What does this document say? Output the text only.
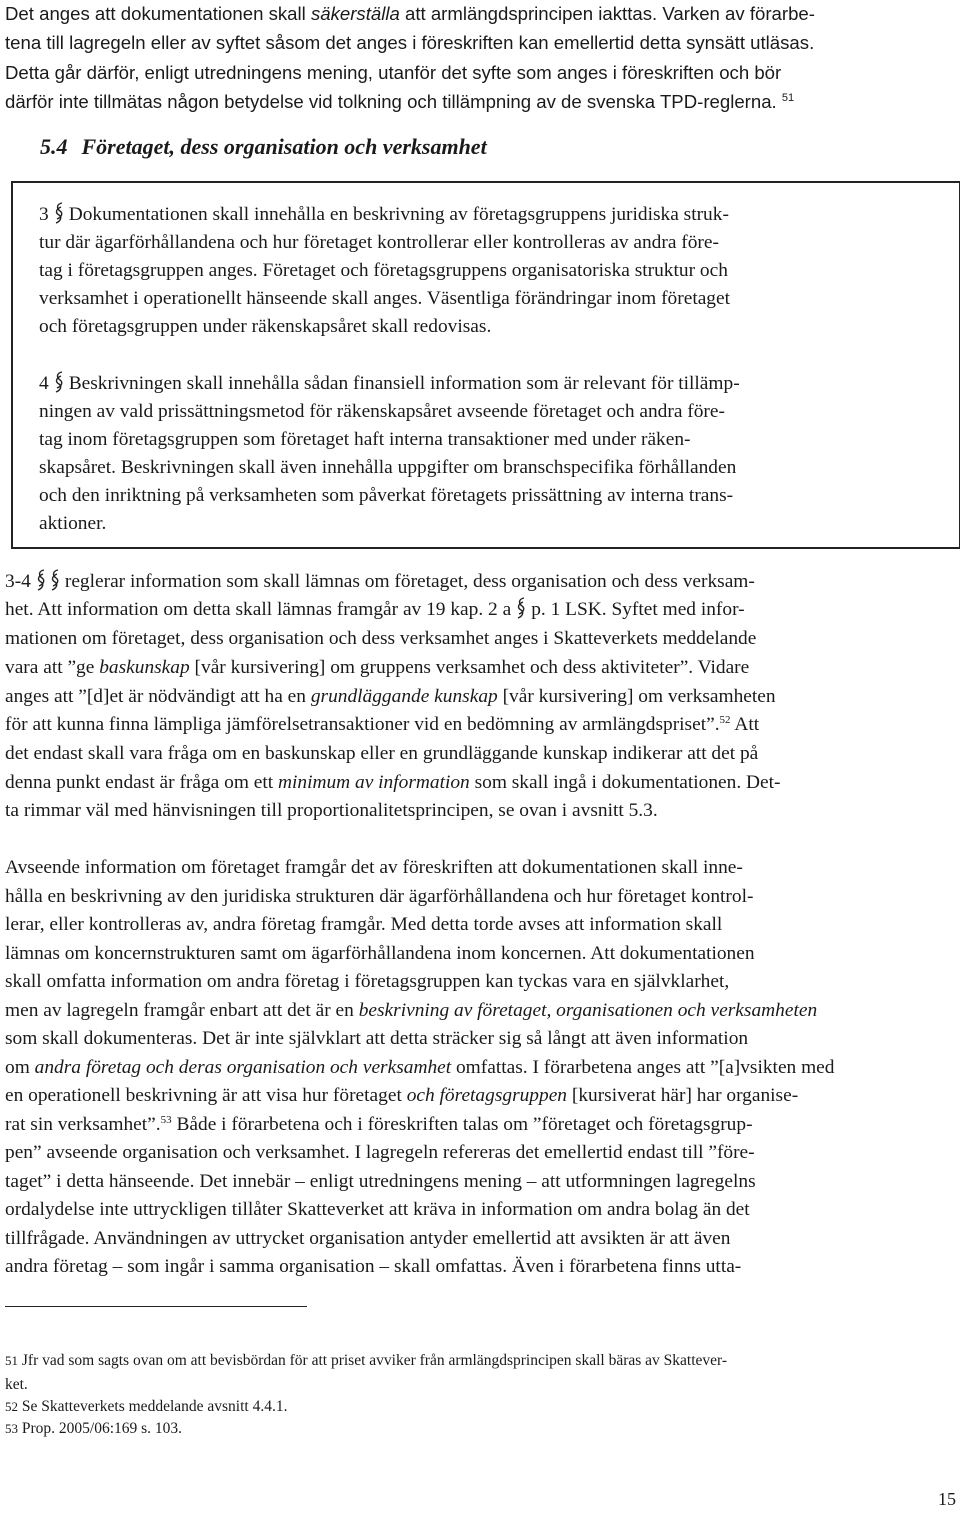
Det anges att dokumentationen skall säkerställa att armlängdsprincipen iakttas. Varken av förarbe-
tena till lagregeln eller av syftet såsom det anges i föreskriften kan emellertid detta synsätt utläsas.
Detta går därför, enligt utredningens mening, utanför det syfte som anges i föreskriften och bör
därför inte tillmätas någon betydelse vid tolkning och tillämpning av de svenska TPD-reglerna. $^{51}$
5.4 Företaget, dess organisation och verksamhet
3 Dokumentationen skall innehålla en beskrivning av företagsgruppens juridiska struk-
tur där ägarförhållandena och hur företaget kontrollerar eller kontrolleras av andra före-
tag i företagsgruppen anges. Företaget och företagsgruppens organisatoriska struktur och
verksamhet i operationellt hänseende skall anges. Väsentliga förändringar inom företaget
och företagsgruppen under räkenskapsåret skall redovisas.
4 Beskrivningen skall innehålla sådan finansiell information som är relevant för tillämp-
ningen av vald prissättningsmetod för räkenskapsåret avseende företaget och andra före-
tag inom företagsgruppen som företaget haft interna transaktioner med under räken-
skapsåret. Beskrivningen skall även innehålla uppgifter om branschspecifika förhållanden
och den inriktning på verksamheten som påverkat företagets prissättning av interna trans-
aktioner.
3-4 reglerar information som skall lämnas om företaget, dess organisation och dess verksam-
het. Att information om detta skall lämnas framgår av 19 kap. 2 a p. 1 LSK. Syftet med infor-
mationen om företaget, dess organisation och dess verksamhet anges i Skatteverkets meddelande
vara att ”ge baskunskap [vår kursivering] om gruppens verksamhet och dess aktiviteter”. Vidare
anges att ”[d]et är nödvändigt att ha en grundläggande kunskap [vår kursivering] om verksamheten
för att kunna finna lämpliga jämförelsetransaktioner vid en bedömning av armlängdspriset”.$^{52}$ Att
det endast skall vara fråga om en baskunskap eller en grundläggande kunskap indikerar att det på
denna punkt endast är fråga om ett minimum av information som skall ingå i dokumentationen. Det-
ta rimmar väl med hänvisningen till proportionalitetsprincipen, se ovan i avsnitt 5.3.
Avseende information om företaget framgår det av föreskriften att dokumentationen skall inne-
hålla en beskrivning av den juridiska strukturen där ägarförhållandena och hur företaget kontrol-
lerar, eller kontrolleras av, andra företag framgår. Med detta torde avses att information skall
lämnas om koncernstrukturen samt om ägarförhållandena inom koncernen. Att dokumentationen
skall omfatta information om andra företag i företagsgruppen kan tyckas vara en självklarhet,
men av lagregeln framgår enbart att det är en beskrivning av företaget, organisationen och verksamheten
som skall dokumenteras. Det är inte självklart att detta sträcker sig så långt att även information
om andra företag och deras organisation och verksamhet omfattas. I förarbetena anges att ”[a]vsikten med
en operationell beskrivning är att visa hur företaget och företagsgruppen [kursiverat här] har organise-
rat sin verksamhet”.$^{53}$ Både i förarbetena och i föreskriften talas om ”företaget och företagsgrup-
pen” avseende organisation och verksamhet. I lagregeln refereras det emellertid endast till ”före-
taget” i detta hänseende. Det innebär – enligt utredningens mening – att utformningen lagregelns
ordalydelse inte uttryckligen tillåter Skatteverket att kräva in information om andra bolag än det
tillfrågade. Användningen av uttrycket organisation antyder emellertid att avsikten är att även
andra företag – som ingår i samma organisation – skall omfattas. Även i förarbetena finns utta-
51 Jfr vad som sagts ovan om att bevisbördan för att priset avviker från armlängdsprincipen skall bäras av Skattever-
ket.
52 Se Skatteverkets meddelande avsnitt 4.4.1.
53 Prop. 2005/06:169 s. 103.
15
